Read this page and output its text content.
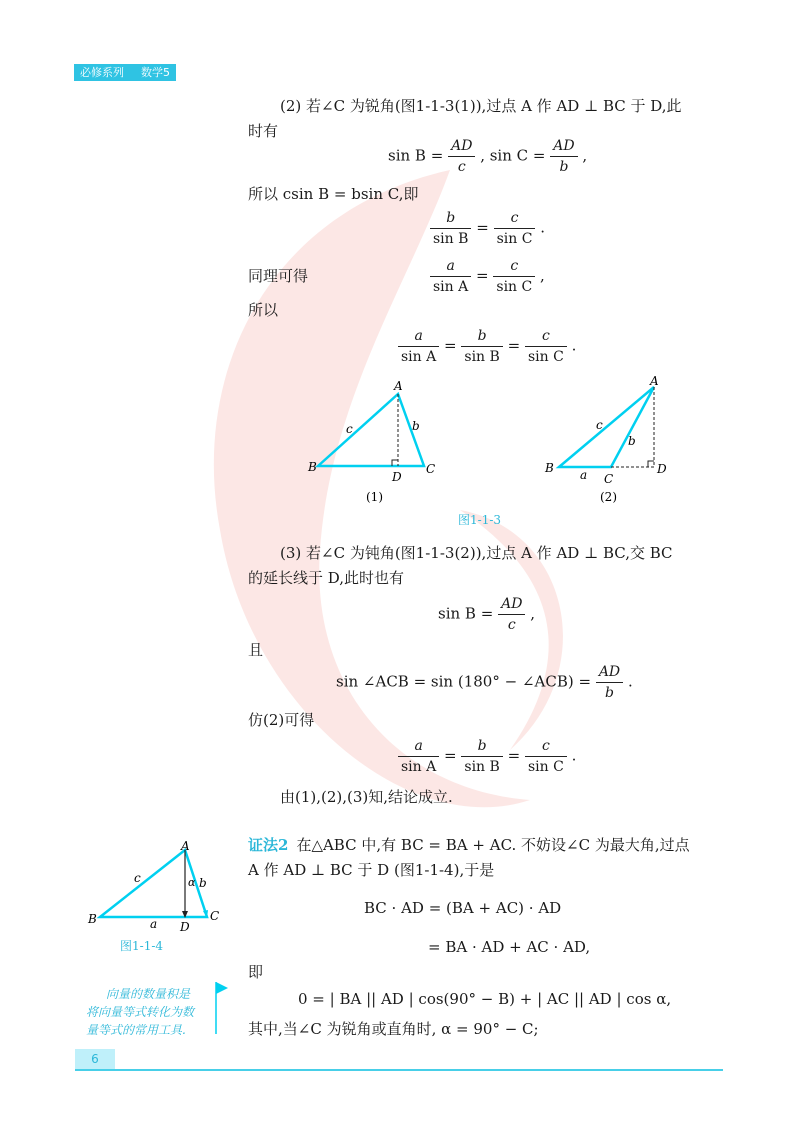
必修系列 数学5
(2) 若∠C 为锐角(图1-1-3(1)),过点 A 作 AD ⊥ BC 于 D,此
时有
$\sin B = \frac{AD}{c}$ , $\sin C = \frac{AD}{b}$ ,
所以 csin B = bsin C,即
$\frac{b}{\text{sin B}} = \frac{c}{\text{sin C}}$ .
同理可得	$\frac{a}{\text{sin A}} = \frac{c}{\text{sin C}}$ ,
所以
$\frac{a}{\text{sin A}} = \frac{b}{\text{sin B}} = \frac{c}{\text{sin C}}$ .
A
B	C
D
c	b
(1)
A
B
C
D
c
b
a
(2)
图1-1-3
(3) 若∠C 为钝角(图1-1-3(2)),过点 A 作 AD ⊥ BC,交 BC
的延长线于 D,此时也有
$\sin B = \frac{AD}{c}$ ,
且
sin ∠ACB = sin (180° − ∠ACB) = $\frac{AD}{b}$ .
仿(2)可得
$\frac{a}{\text{sin A}} = \frac{b}{\text{sin B}} = \frac{c}{\text{sin C}}$ .
由(1),(2),(3)知,结论成立.
证法2 在△ABC 中,有 BC = BA + AC. 不妨设∠C 为最大角,过点
A 作 AD ⊥ BC 于 D (图1-1-4),于是
BC · AD = (BA + AC) · AD
= BA · AD + AC · AD,
即
0 = | BA || AD | cos(90° − B) + | AC || AD | cos α,
其中,当∠C 为锐角或直角时, α = 90° − C;
A
B	C
D
a
b
c	α
图1-1-4
向量的数量积是
将向量等式转化为数
量等式的常用工具.
6
